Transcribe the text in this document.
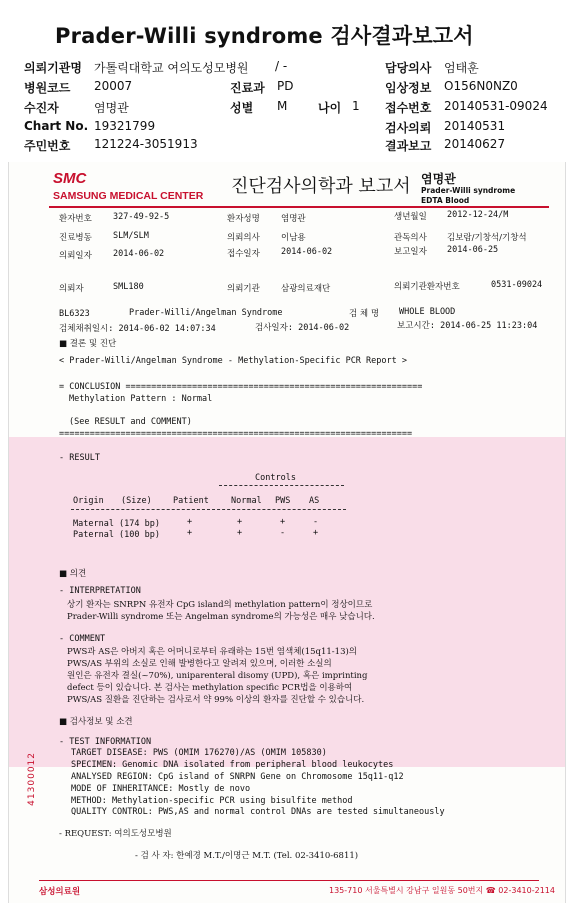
Prader-Willi syndrome 검사결과보고서
의뢰기관명 가톨릭대학교 여의도성모병원
병원코드 20007
수진자	염명관
Chart No. 19321799
주민번호 121224-3051913
/ -
진료과 PD
성별 M	나이 1
담당의사 엄태훈
임상정보 O156N0NZ0
접수번호 20140531-09024
검사의뢰 20140531
결과보고 20140627
SMC
SAMSUNG MEDICAL CENTER 진단검사의학과 보고서 염명관
Prader-Willi syndrome
EDTA Blood
환자번호 327-49-92-5	환자성명 염명관	생년월일 2012-12-24/M
진료병동 SLM/SLM	의뢰의사 이남용	관독의사 김보람/기창석/기창석
의뢰일자 2014-06-02	접수일자 2014-06-02	보고일자 2014-06-25
의뢰자	SML180	의뢰기관 삼광의료재단	의뢰기관환자번호	0531-09024
BL6323	Prader-Willi/Angelman Syndrome	검 체 명 WHOLE BLOOD
검체채취일시: 2014-06-02 14:07:34	검사일자: 2014-06-02	보고시간: 2014-06-25 11:23:04
■ 결론 및 진단
< Prader-Willi/Angelman Syndrome - Methylation-Specific PCR Report >
= CONCLUSION ==========================================================
Methylation Pattern : Normal
(See RESULT and COMMENT)
=====================================================================
- RESULT
Controls
Origin (Size)	Patient	Normal PWS AS
Maternal (174 bp)	+	+	+	-
Paternal (100 bp)	+	+	-	+
■ 의견
- INTERPRETATION
상기 환자는 SNRPN 유전자 CpG island의 methylation pattern이 정상이므로
Prader-Willi syndrome 또는 Angelman syndrome의 가능성은 매우 낮습니다.
- COMMENT
PWS과 AS은 아버지 혹은 어머니로부터 유래하는 15번 염색체(15q11-13)의
PWS/AS 부위의 소실로 인해 발병한다고 알려져 있으며, 이러한 소실의
원인은 유전자 결실(~70%), uniparenteral disomy (UPD), 혹은 imprinting
defect 등이 있습니다. 본 검사는 methylation specific PCR법을 이용하여
PWS/AS 질환을 진단하는 검사로서 약 99% 이상의 환자를 진단할 수 있습니다.
■ 검사정보 및 소견
- TEST INFORMATION
TARGET DISEASE: PWS (OMIM 176270)/AS (OMIM 105830)
SPECIMEN: Genomic DNA isolated from peripheral blood leukocytes
ANALYSED REGION: CpG island of SNRPN Gene on Chromosome 15q11-q12
MODE OF INHERITANCE: Mostly de novo
METHOD: Methylation-specific PCR using bisulfite method
QUALITY CONTROL: PWS,AS and normal control DNAs are tested simultaneously
- REQUEST: 여의도성모병원
- 검 사 자: 한예경 M.T./이명근 M.T. (Tel. 02-3410-6811)
41300012
삼성의료원	135-710 서울특별시 강남구 일원동 50번지 ☎ 02-3410-2114
